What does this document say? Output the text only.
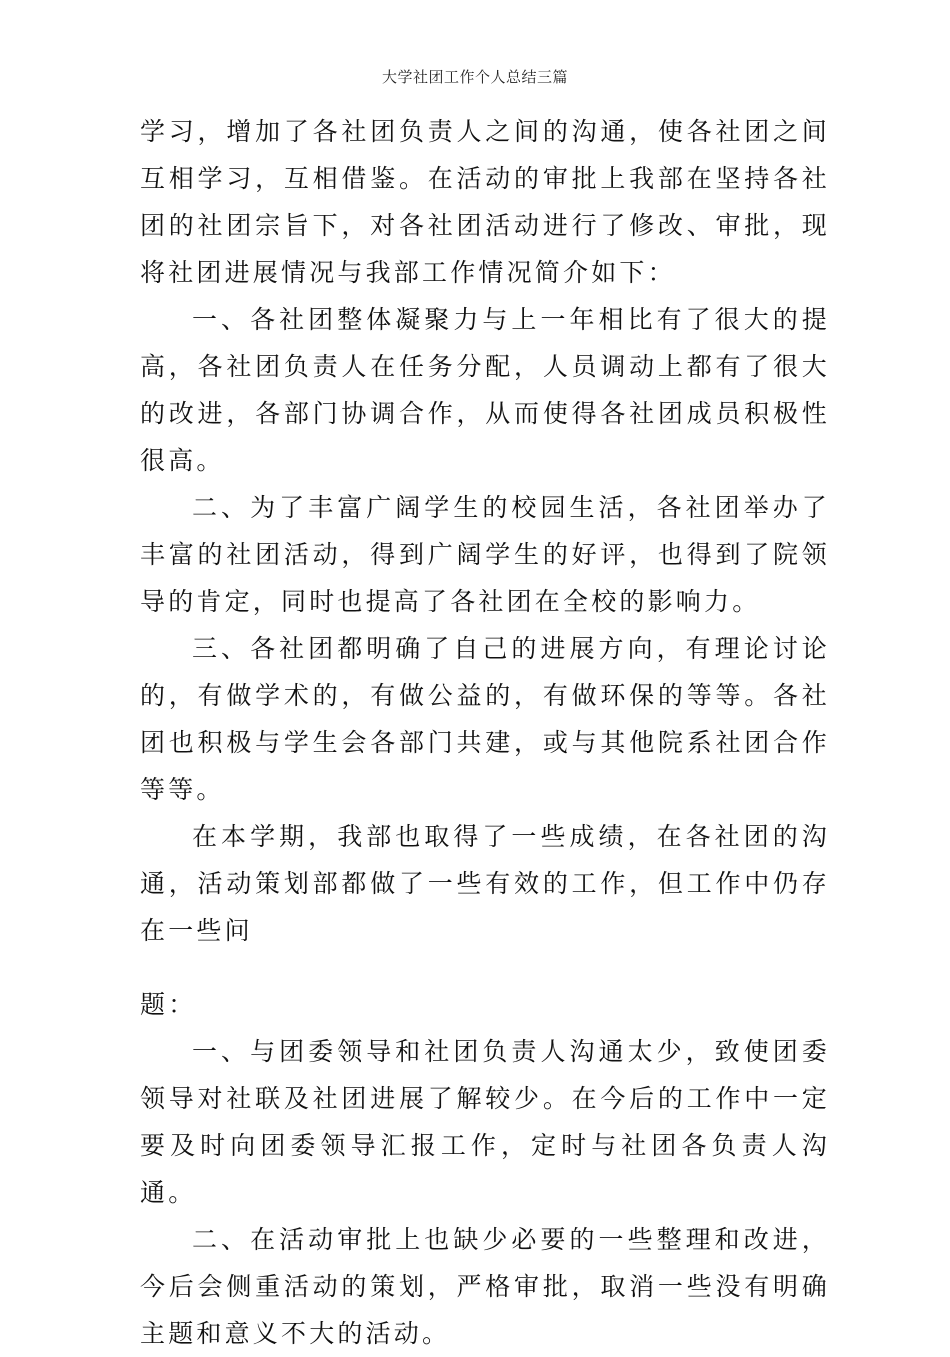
大学社团工作个人总结三篇

学习，增加了各社团负责人之间的沟通，使各社团之间互相学习，互相借鉴。在活动的审批上我部在坚持各社团的社团宗旨下，对各社团活动进行了修改、审批，现将社团进展情况与我部工作情况简介如下：

一、各社团整体凝聚力与上一年相比有了很大的提高，各社团负责人在任务分配，人员调动上都有了很大的改进，各部门协调合作，从而使得各社团成员积极性很高。

二、为了丰富广阔学生的校园生活，各社团举办了丰富的社团活动，得到广阔学生的好评，也得到了院领导的肯定，同时也提高了各社团在全校的影响力。

三、各社团都明确了自己的进展方向，有理论讨论的，有做学术的，有做公益的，有做环保的等等。各社团也积极与学生会各部门共建，或与其他院系社团合作等等。

在本学期，我部也取得了一些成绩，在各社团的沟通，活动策划部都做了一些有效的工作，但工作中仍存在一些问

题：

一、与团委领导和社团负责人沟通太少，致使团委领导对社联及社团进展了解较少。在今后的工作中一定要及时向团委领导汇报工作，定时与社团各负责人沟通。

二、在活动审批上也缺少必要的一些整理和改进，今后会侧重活动的策划，严格审批，取消一些没有明确主题和意义不大的活动。
